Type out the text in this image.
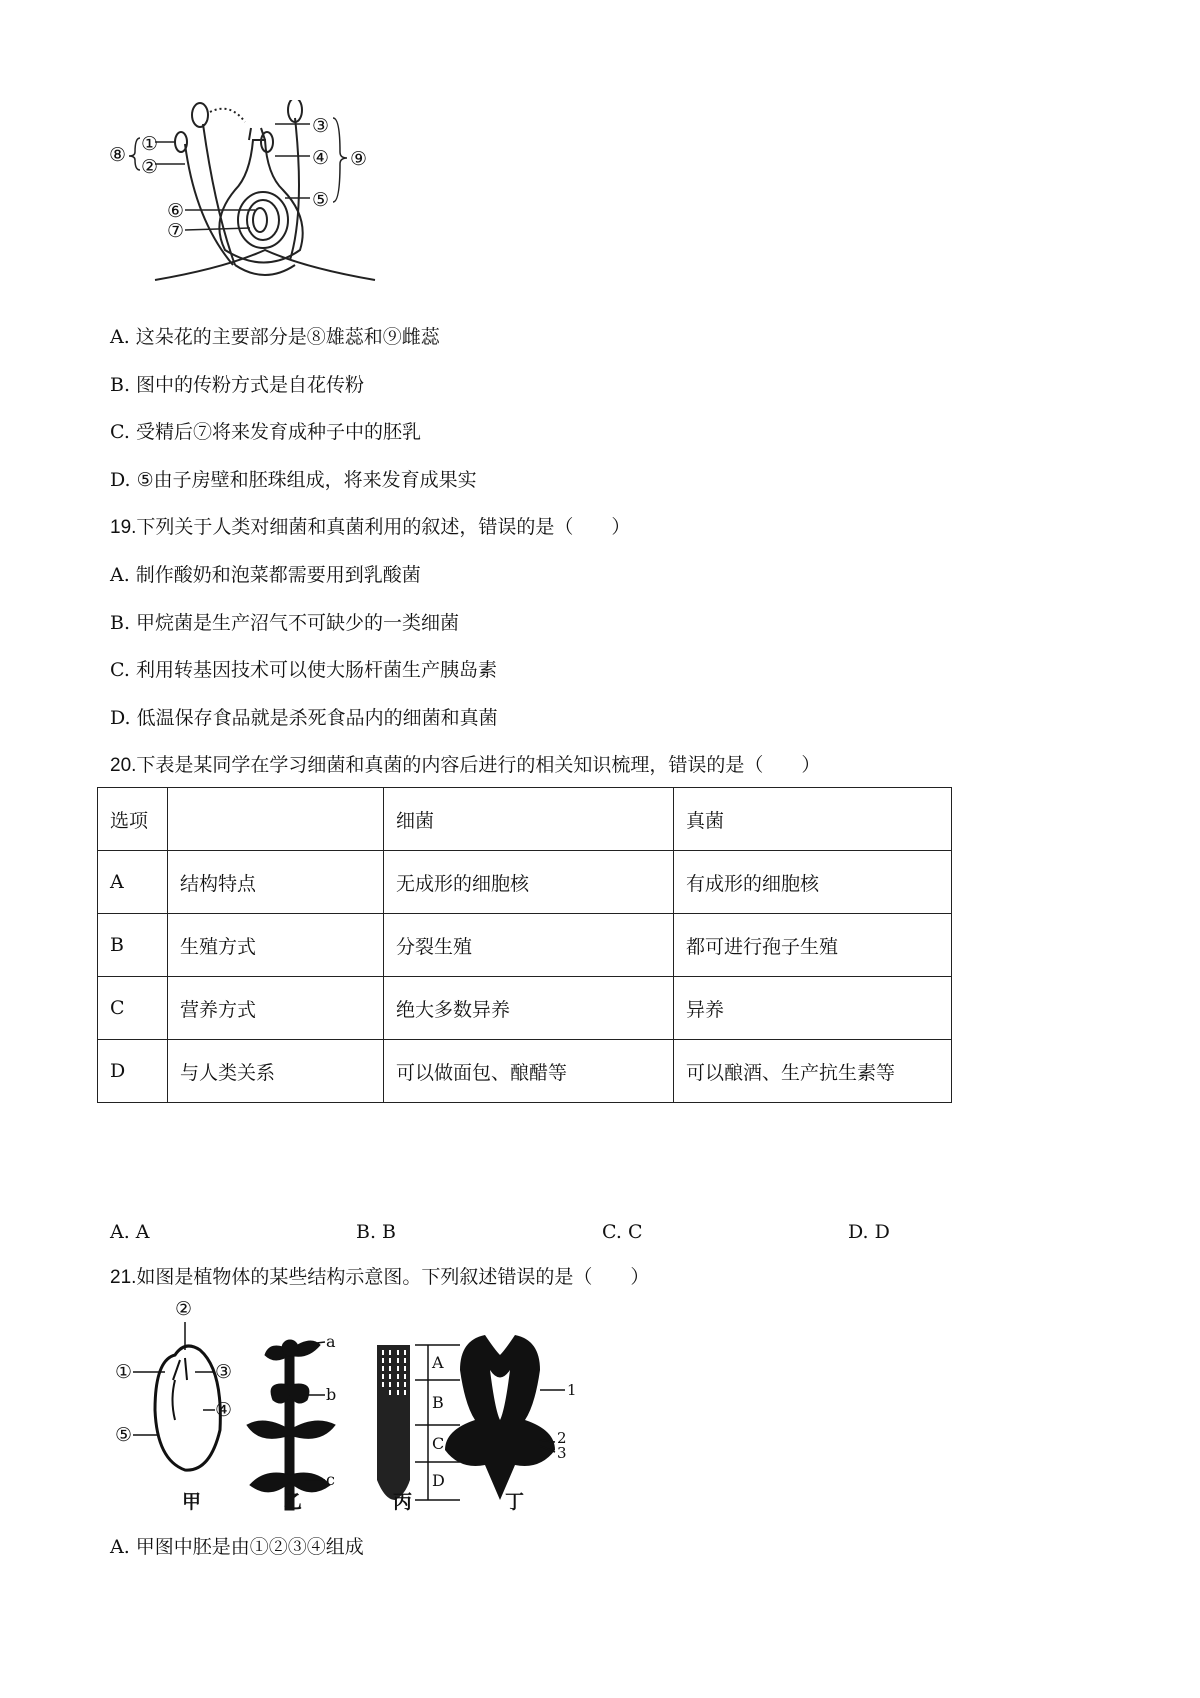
⑧ ①
②
③
④ ⑨
⑤
⑥
⑦
A. 这朵花的主要部分是⑧雄蕊和⑨雌蕊
B. 图中的传粉方式是自花传粉
C. 受精后⑦将来发育成种子中的胚乳
D. ⑤由子房壁和胚珠组成，将来发育成果实
19.下列关于人类对细菌和真菌利用的叙述，错误的是（　　）
A. 制作酸奶和泡菜都需要用到乳酸菌
B. 甲烷菌是生产沼气不可缺少的一类细菌
C. 利用转基因技术可以使大肠杆菌生产胰岛素
D. 低温保存食品就是杀死食品内的细菌和真菌
20.下表是某同学在学习细菌和真菌的内容后进行的相关知识梳理，错误的是（　　）
选项		细菌	真菌
A	结构特点	无成形的细胞核	有成形的细胞核
B	生殖方式	分裂生殖	都可进行孢子生殖
C	营养方式	绝大多数异养	异养
D	与人类关系	可以做面包、酿醋等	可以酿酒、生产抗生素等
A. A	B. B	C. C	D. D
21.如图是植物体的某些结构示意图。下列叙述错误的是（　　）
②
①	③
④
⑤
a
b
c
A
B
C
D
1
2
3
甲	乙	丙	丁
A. 甲图中胚是由①②③④组成
